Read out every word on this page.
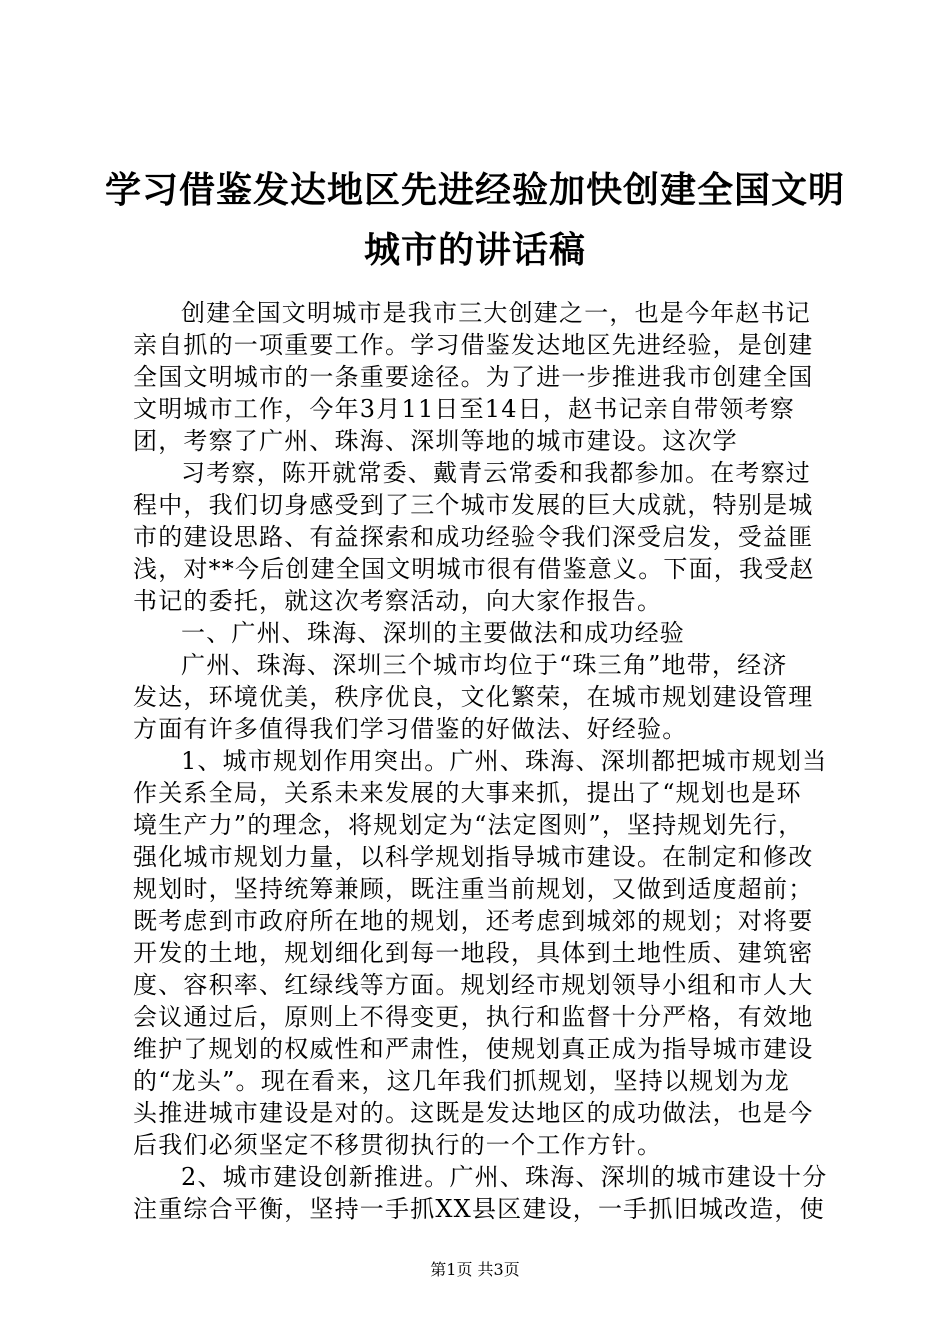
学习借鉴发达地区先进经验加快创建全国文明
城市的讲话稿
创建全国文明城市是我市三大创建之一，也是今年赵书记
亲自抓的一项重要工作。学习借鉴发达地区先进经验，是创建
全国文明城市的一条重要途径。为了进一步推进我市创建全国
文明城市工作，今年3月11日至14日，赵书记亲自带领考察
团，考察了广州、珠海、深圳等地的城市建设。这次学
习考察，陈开就常委、戴青云常委和我都参加。在考察过
程中，我们切身感受到了三个城市发展的巨大成就，特别是城
市的建设思路、有益探索和成功经验令我们深受启发，受益匪
浅，对**今后创建全国文明城市很有借鉴意义。下面，我受赵
书记的委托，就这次考察活动，向大家作报告。
一、广州、珠海、深圳的主要做法和成功经验
广州、珠海、深圳三个城市均位于“珠三角”地带，经济
发达，环境优美，秩序优良，文化繁荣，在城市规划建设管理
方面有许多值得我们学习借鉴的好做法、好经验。
1、城市规划作用突出。广州、珠海、深圳都把城市规划当
作关系全局，关系未来发展的大事来抓，提出了“规划也是环
境生产力”的理念，将规划定为“法定图则”，坚持规划先行，
强化城市规划力量，以科学规划指导城市建设。在制定和修改
规划时，坚持统筹兼顾，既注重当前规划，又做到适度超前；
既考虑到市政府所在地的规划，还考虑到城郊的规划；对将要
开发的土地，规划细化到每一地段，具体到土地性质、建筑密
度、容积率、红绿线等方面。规划经市规划领导小组和市人大
会议通过后，原则上不得变更，执行和监督十分严格，有效地
维护了规划的权威性和严肃性，使规划真正成为指导城市建设
的“龙头”。现在看来，这几年我们抓规划，坚持以规划为龙
头推进城市建设是对的。这既是发达地区的成功做法，也是今
后我们必须坚定不移贯彻执行的一个工作方针。
2、城市建设创新推进。广州、珠海、深圳的城市建设十分
注重综合平衡，坚持一手抓XX县区建设，一手抓旧城改造，使
第1页 共3页
